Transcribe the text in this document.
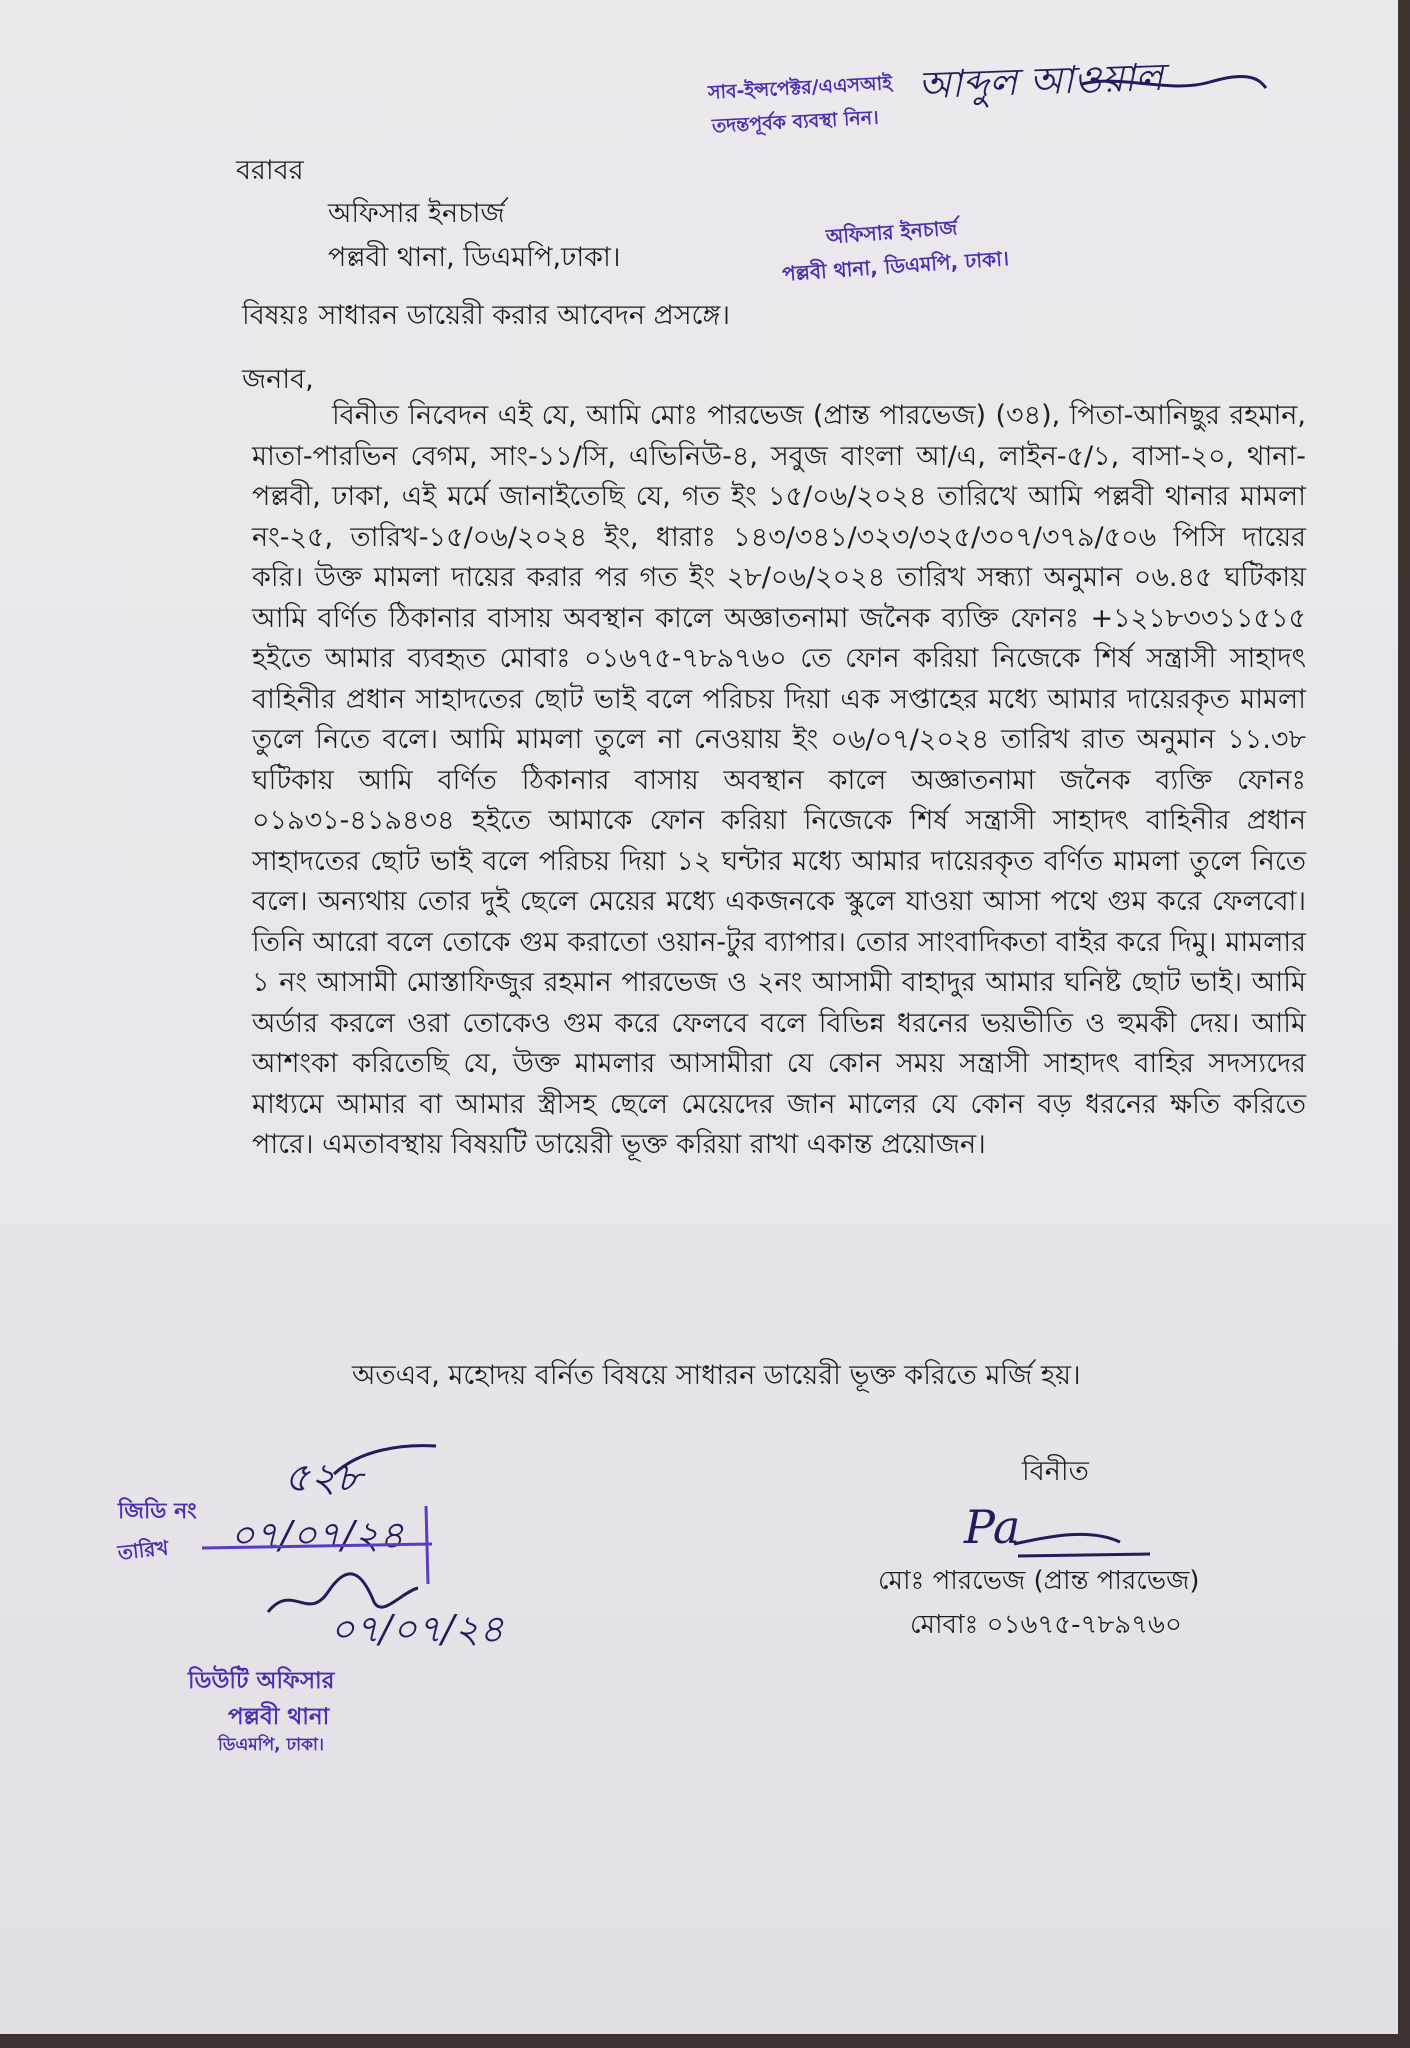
সাব-ইন্সপেক্টর/এএসআই
তদন্তপূর্বক ব্যবস্থা নিন।
আব্দুল আওয়াল
বরাবর
অফিসার ইনচার্জ
পল্লবী থানা, ডিএমপি,ঢাকা।
অফিসার ইনচার্জ
পল্লবী থানা, ডিএমপি, ঢাকা।
বিষয়ঃ সাধারন ডায়েরী করার আবেদন প্রসঙ্গে।
জনাব,
বিনীত নিবেদন এই যে, আমি মোঃ পারভেজ (প্রান্ত পারভেজ) (৩৪), পিতা-আনিছুর রহমান, মাতা-পারভিন বেগম, সাং-১১/সি, এভিনিউ-৪, সবুজ বাংলা আ/এ, লাইন-৫/১, বাসা-২০, থানা-পল্লবী, ঢাকা, এই মর্মে জানাইতেছি যে, গত ইং ১৫/০৬/২০২৪ তারিখে আমি পল্লবী থানার মামলা নং-২৫, তারিখ-১৫/০৬/২০২৪ ইং, ধারাঃ ১৪৩/৩৪১/৩২৩/৩২৫/৩০৭/৩৭৯/৫০৬ পিসি দায়ের করি। উক্ত মামলা দায়ের করার পর গত ইং ২৮/০৬/২০২৪ তারিখ সন্ধ্যা অনুমান ০৬.৪৫ ঘটিকায় আমি বর্ণিত ঠিকানার বাসায় অবস্থান কালে অজ্ঞাতনামা জনৈক ব্যক্তি ফোনঃ +১২১৮৩৩১১৫১৫ হইতে আমার ব্যবহৃত মোবাঃ ০১৬৭৫-৭৮৯৭৬০ তে ফোন করিয়া নিজেকে শির্ষ সন্ত্রাসী সাহাদৎ বাহিনীর প্রধান সাহাদতের ছোট ভাই বলে পরিচয় দিয়া এক সপ্তাহের মধ্যে আমার দায়েরকৃত মামলা তুলে নিতে বলে। আমি মামলা তুলে না নেওয়ায় ইং ০৬/০৭/২০২৪ তারিখ রাত অনুমান ১১.৩৮ ঘটিকায় আমি বর্ণিত ঠিকানার বাসায় অবস্থান কালে অজ্ঞাতনামা জনৈক ব্যক্তি ফোনঃ ০১৯৩১-৪১৯৪৩৪ হইতে আমাকে ফোন করিয়া নিজেকে শির্ষ সন্ত্রাসী সাহাদৎ বাহিনীর প্রধান সাহাদতের ছোট ভাই বলে পরিচয় দিয়া ১২ ঘন্টার মধ্যে আমার দায়েরকৃত বর্ণিত মামলা তুলে নিতে বলে। অন্যথায় তোর দুই ছেলে মেয়ের মধ্যে একজনকে স্কুলে যাওয়া আসা পথে গুম করে ফেলবো। তিনি আরো বলে তোকে গুম করাতো ওয়ান-টুর ব্যাপার। তোর সাংবাদিকতা বাইর করে দিমু। মামলার ১ নং আসামী মোস্তাফিজুর রহমান পারভেজ ও ২নং আসামী বাহাদুর আমার ঘনিষ্ট ছোট ভাই। আমি অর্ডার করলে ওরা তোকেও গুম করে ফেলবে বলে বিভিন্ন ধরনের ভয়ভীতি ও হুমকী দেয়। আমি আশংকা করিতেছি যে, উক্ত মামলার আসামীরা যে কোন সময় সন্ত্রাসী সাহাদৎ বাহির সদস্যদের মাধ্যমে আমার বা আমার স্ত্রীসহ ছেলে মেয়েদের জান মালের যে কোন বড় ধরনের ক্ষতি করিতে পারে। এমতাবস্থায় বিষয়টি ডায়েরী ভূক্ত করিয়া রাখা একান্ত প্রয়োজন।
অতএব, মহোদয় বর্নিত বিষয়ে সাধারন ডায়েরী ভূক্ত করিতে মর্জি হয়।
বিনীত
Pa
মোঃ পারভেজ (প্রান্ত পারভেজ)
মোবাঃ ০১৬৭৫-৭৮৯৭৬০
৫২৮
জিডি নং
তারিখ ০৭/০৭/২৪
০৭/০৭/২৪
ডিউটি অফিসার
পল্লবী থানা
ডিএমপি, ঢাকা।
